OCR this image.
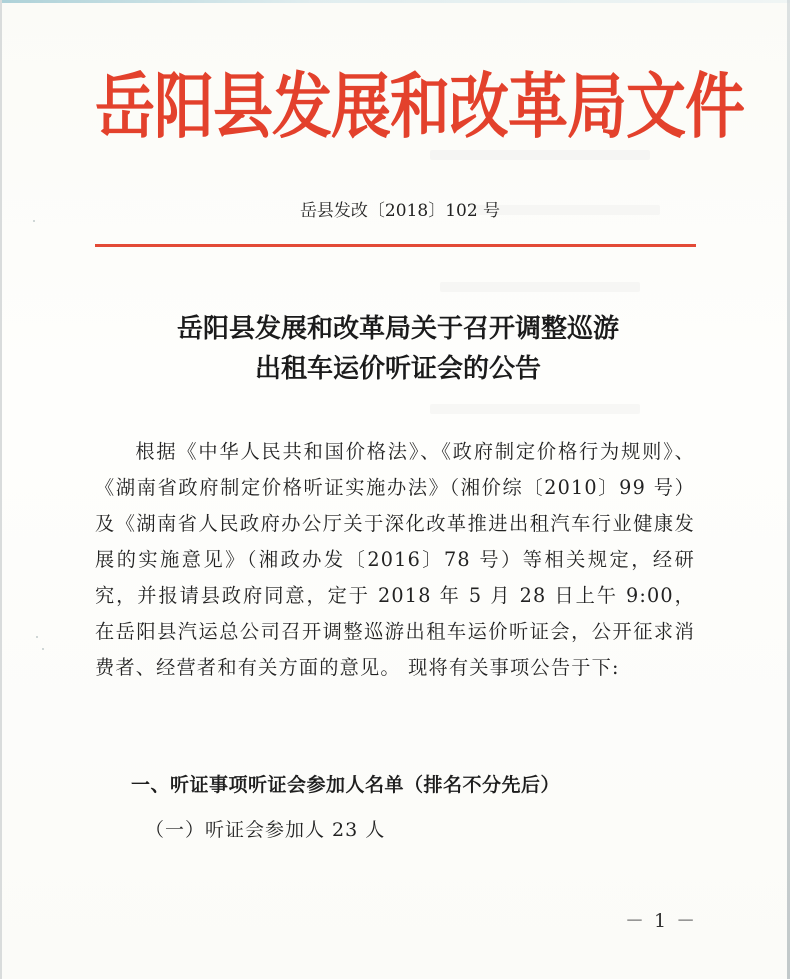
岳阳县发展和改革局文件
岳县发改〔2018〕102 号
岳阳县发展和改革局关于召开调整巡游
出租车运价听证会的公告
根据《中华人民共和国价格法》、《政府制定价格行为规则》、《湖南省政府制定价格听证实施办法》（湘价综〔2010〕99 号）及《湖南省人民政府办公厅关于深化改革推进出租汽车行业健康发展的实施意见》（湘政办发〔2016〕78 号）等相关规定，经研究，并报请县政府同意，定于 2018 年 5 月 28 日上午 9:00，在岳阳县汽运总公司召开调整巡游出租车运价听证会，公开征求消费者、经营者和有关方面的意见。 现将有关事项公告于下:
一、听证事项听证会参加人名单（排名不分先后）
（一）听证会参加人 23 人
－ 1 －
